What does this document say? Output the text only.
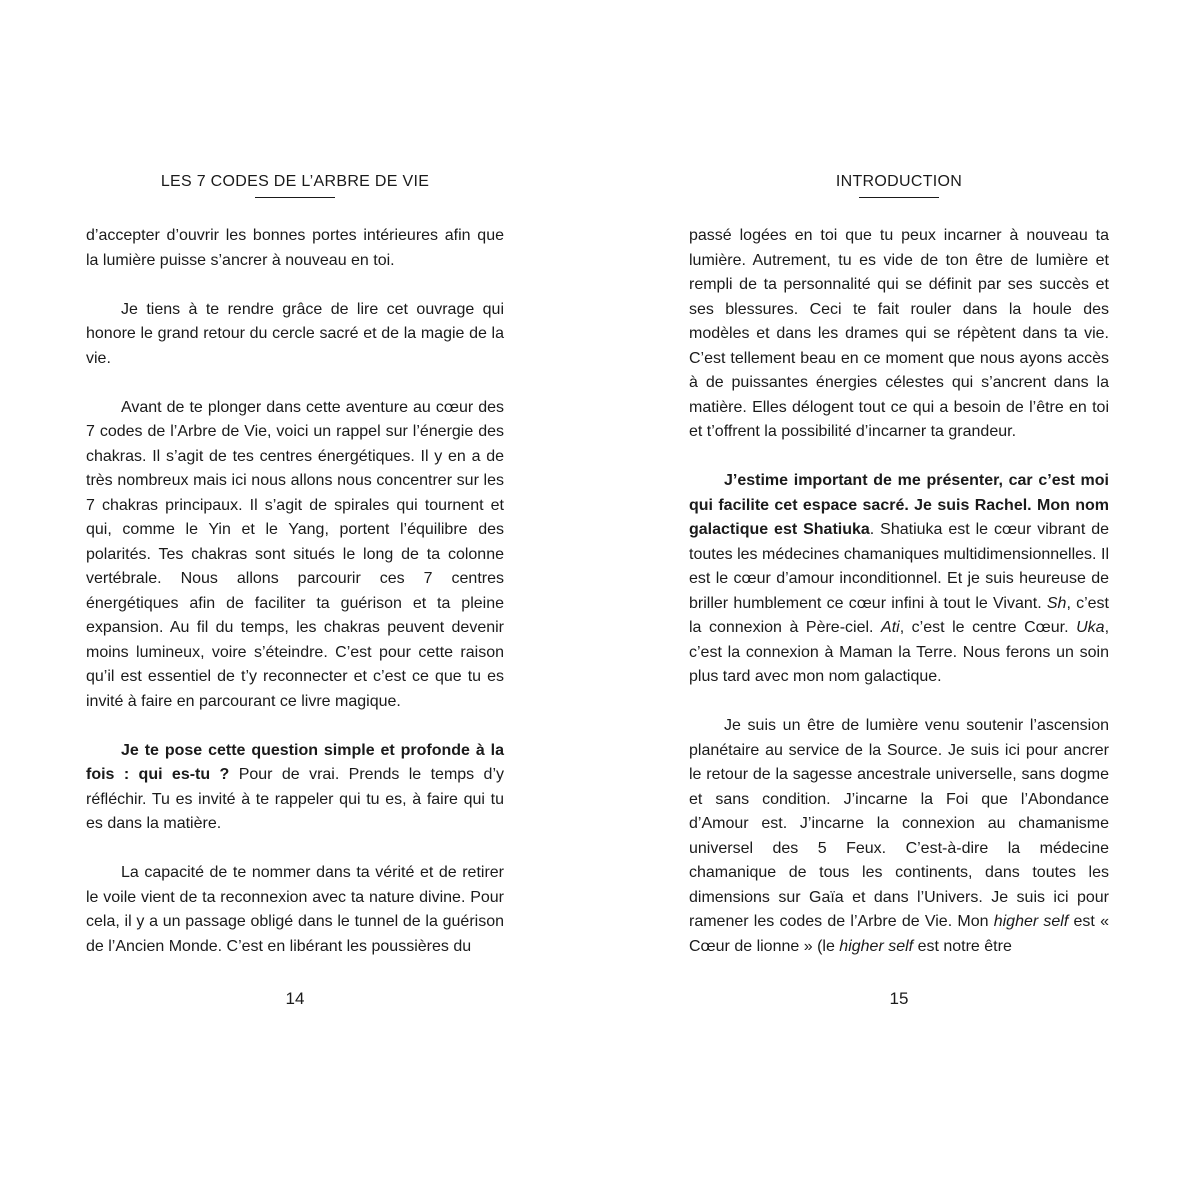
LES 7 CODES DE L’ARBRE DE VIE

d’accepter d’ouvrir les bonnes portes intérieures afin que la lumière puisse s’ancrer à nouveau en toi.

Je tiens à te rendre grâce de lire cet ouvrage qui honore le grand retour du cercle sacré et de la magie de la vie.

Avant de te plonger dans cette aventure au cœur des 7 codes de l’Arbre de Vie, voici un rappel sur l’énergie des chakras. Il s’agit de tes centres énergétiques. Il y en a de très nombreux mais ici nous allons nous concentrer sur les 7 chakras principaux. Il s’agit de spirales qui tournent et qui, comme le Yin et le Yang, portent l’équilibre des polarités. Tes chakras sont situés le long de ta colonne vertébrale. Nous allons parcourir ces 7 centres énergétiques afin de faciliter ta guérison et ta pleine expansion. Au fil du temps, les chakras peuvent devenir moins lumineux, voire s’éteindre. C’est pour cette raison qu’il est essentiel de t’y reconnecter et c’est ce que tu es invité à faire en parcourant ce livre magique.

Je te pose cette question simple et profonde à la fois : qui es-tu ? Pour de vrai. Prends le temps d’y réfléchir. Tu es invité à te rappeler qui tu es, à faire qui tu es dans la matière.

La capacité de te nommer dans ta vérité et de retirer le voile vient de ta reconnexion avec ta nature divine. Pour cela, il y a un passage obligé dans le tunnel de la guérison de l’Ancien Monde. C’est en libérant les poussières du

14
INTRODUCTION

passé logées en toi que tu peux incarner à nouveau ta lumière. Autrement, tu es vide de ton être de lumière et rempli de ta personnalité qui se définit par ses succès et ses blessures. Ceci te fait rouler dans la houle des modèles et dans les drames qui se répètent dans ta vie. C’est tellement beau en ce moment que nous ayons accès à de puissantes énergies célestes qui s’ancrent dans la matière. Elles délogent tout ce qui a besoin de l’être en toi et t’offrent la possibilité d’incarner ta grandeur.

J’estime important de me présenter, car c’est moi qui facilite cet espace sacré. Je suis Rachel. Mon nom galactique est Shatiuka. Shatiuka est le cœur vibrant de toutes les médecines chamaniques multidimensionnelles. Il est le cœur d’amour inconditionnel. Et je suis heureuse de briller humblement ce cœur infini à tout le Vivant. Sh, c’est la connexion à Père-ciel. Ati, c’est le centre Cœur. Uka, c’est la connexion à Maman la Terre. Nous ferons un soin plus tard avec mon nom galactique.

Je suis un être de lumière venu soutenir l’ascension planétaire au service de la Source. Je suis ici pour ancrer le retour de la sagesse ancestrale universelle, sans dogme et sans condition. J’incarne la Foi que l’Abondance d’Amour est. J’incarne la connexion au chamanisme universel des 5 Feux. C’est-à-dire la médecine chamanique de tous les continents, dans toutes les dimensions sur Gaïa et dans l’Univers. Je suis ici pour ramener les codes de l’Arbre de Vie. Mon higher self est « Cœur de lionne » (le higher self est notre être

15
